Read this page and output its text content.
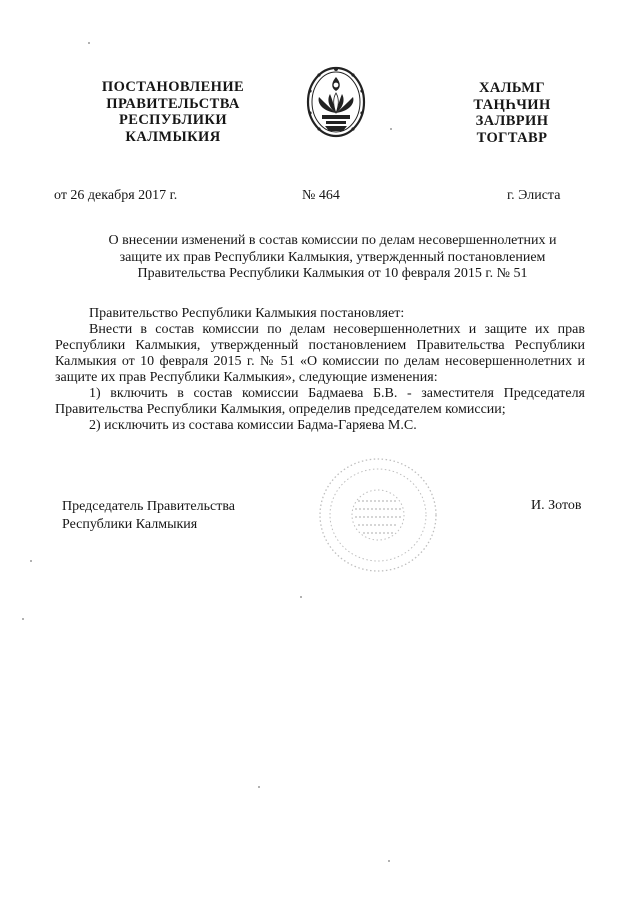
ПОСТАНОВЛЕНИЕ
ПРАВИТЕЛЬСТВА
РЕСПУБЛИКИ
КАЛМЫКИЯ
ХАЛЬМГ
ТАҢҺЧИН
ЗАЛВРИН
ТОГТАВР
от 26 декабря 2017 г.	№ 464	г. Элиста
О внесении изменений в состав комиссии по делам несовершеннолетних и
защите их прав Республики Калмыкия, утвержденный постановлением
Правительства Республики Калмыкия от 10 февраля 2015 г. № 51

Правительство Республики Калмыкия постановляет:

Внести в состав комиссии по делам несовершеннолетних и защите их прав Республики Калмыкия, утвержденный постановлением Правительства Республики Калмыкия от 10 февраля 2015 г. № 51 «О комиссии по делам несовершеннолетних и защите их прав Республики Калмыкия», следующие изменения:

1) включить в состав комиссии Бадмаева Б.В. - заместителя Председателя Правительства Республики Калмыкия, определив председателем комиссии;

2) исключить из состава комиссии Бадма-Гаряева М.С.

Председатель Правительства
Республики Калмыкия
И. Зотов
